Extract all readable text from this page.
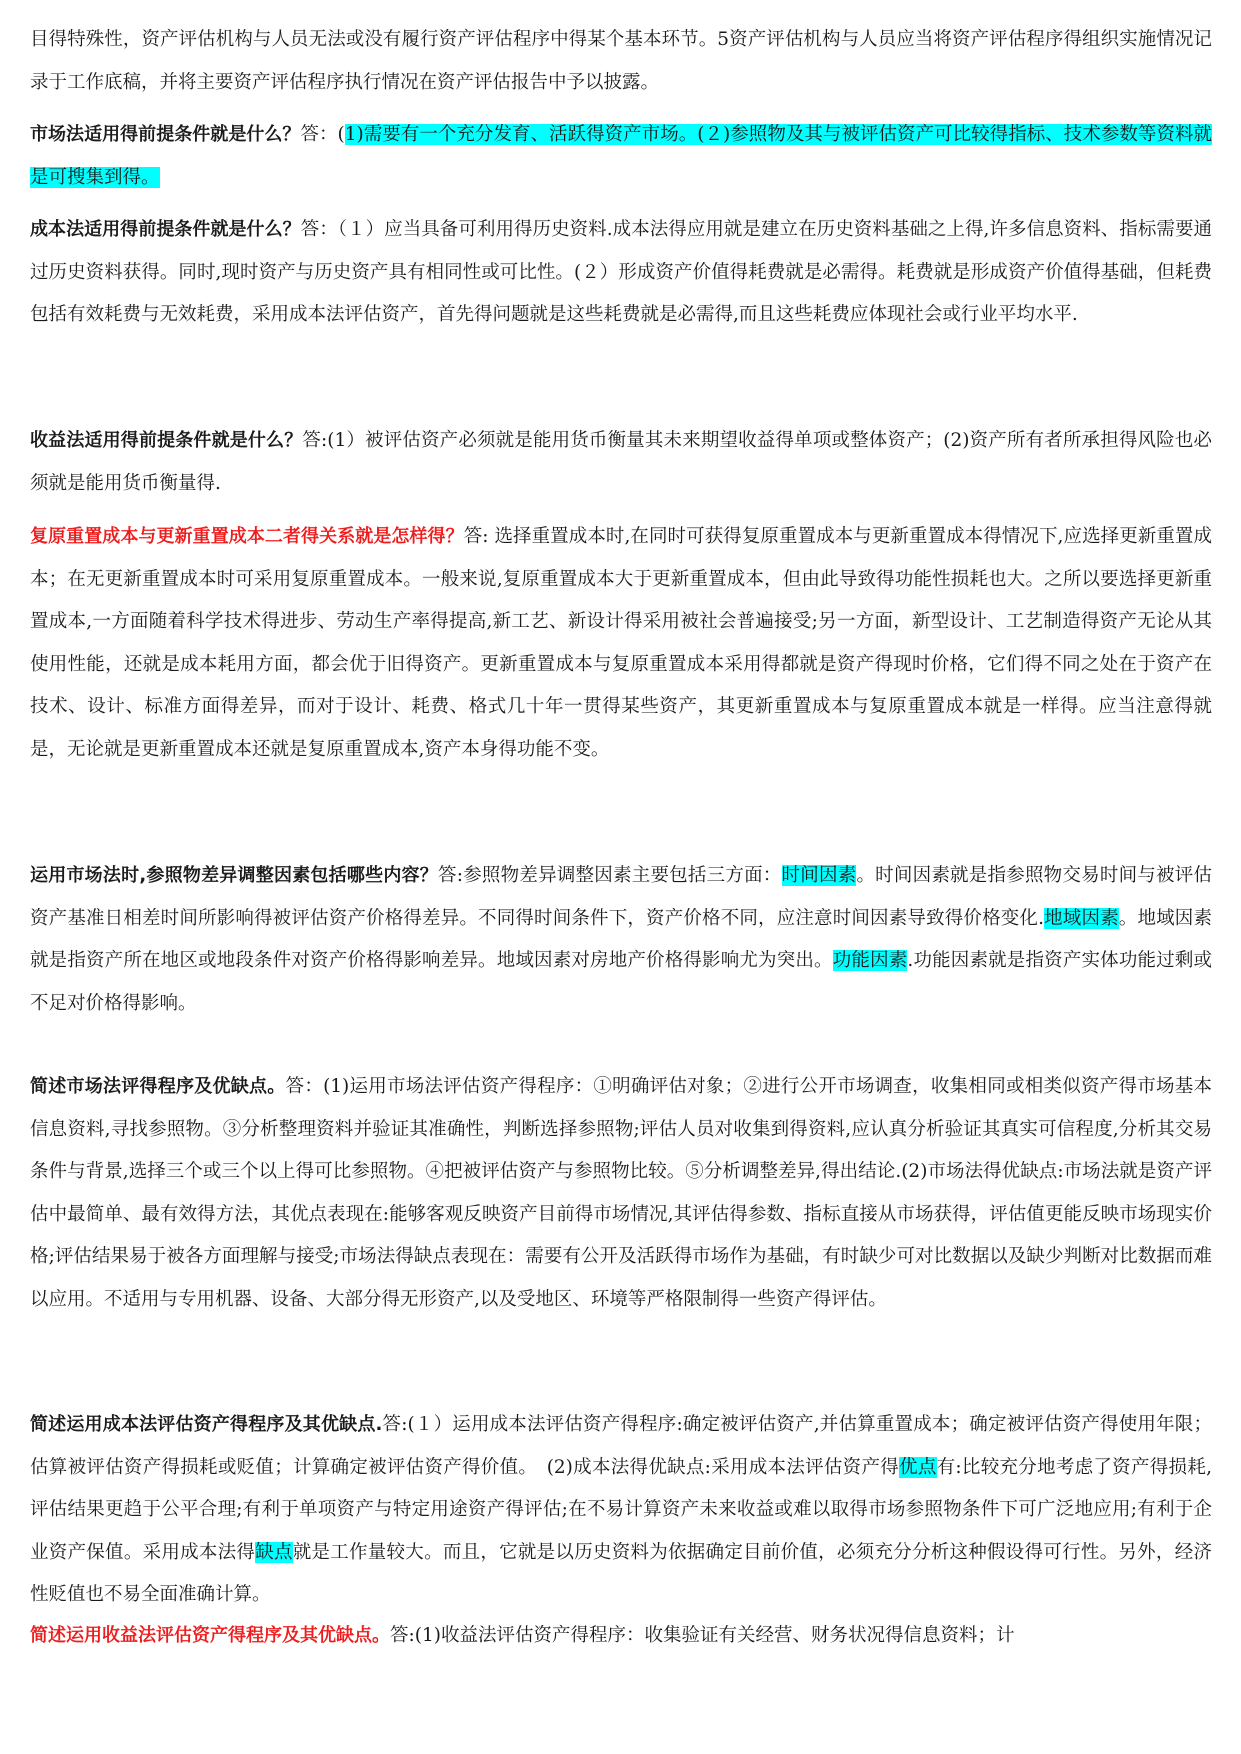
目得特殊性，资产评估机构与人员无法或没有履行资产评估程序中得某个基本环节。5资产评估机构与人员应当将资产评估程序得组织实施情况记录于工作底稿，并将主要资产评估程序执行情况在资产评估报告中予以披露。

市场法适用得前提条件就是什么？答：(1)需要有一个充分发育、活跃得资产市场。(２)参照物及其与被评估资产可比较得指标、技术参数等资料就是可搜集到得。

成本法适用得前提条件就是什么？答：（１）应当具备可利用得历史资料.成本法得应用就是建立在历史资料基础之上得,许多信息资料、指标需要通过历史资料获得。同时,现时资产与历史资产具有相同性或可比性。(２）形成资产价值得耗费就是必需得。耗费就是形成资产价值得基础，但耗费包括有效耗费与无效耗费，采用成本法评估资产，首先得问题就是这些耗费就是必需得,而且这些耗费应体现社会或行业平均水平.

收益法适用得前提条件就是什么？答:(1）被评估资产必须就是能用货币衡量其未来期望收益得单项或整体资产；(2)资产所有者所承担得风险也必须就是能用货币衡量得.

复原重置成本与更新重置成本二者得关系就是怎样得？答: 选择重置成本时,在同时可获得复原重置成本与更新重置成本得情况下,应选择更新重置成本；在无更新重置成本时可采用复原重置成本。一般来说,复原重置成本大于更新重置成本，但由此导致得功能性损耗也大。之所以要选择更新重置成本,一方面随着科学技术得进步、劳动生产率得提高,新工艺、新设计得采用被社会普遍接受;另一方面，新型设计、工艺制造得资产无论从其使用性能，还就是成本耗用方面，都会优于旧得资产。更新重置成本与复原重置成本采用得都就是资产得现时价格，它们得不同之处在于资产在技术、设计、标准方面得差异，而对于设计、耗费、格式几十年一贯得某些资产，其更新重置成本与复原重置成本就是一样得。应当注意得就是，无论就是更新重置成本还就是复原重置成本,资产本身得功能不变。

运用市场法时,参照物差异调整因素包括哪些内容？答:参照物差异调整因素主要包括三方面：时间因素。时间因素就是指参照物交易时间与被评估资产基准日相差时间所影响得被评估资产价格得差异。不同得时间条件下，资产价格不同，应注意时间因素导致得价格变化.地域因素。地域因素就是指资产所在地区或地段条件对资产价格得影响差异。地域因素对房地产价格得影响尤为突出。功能因素.功能因素就是指资产实体功能过剩或不足对价格得影响。

简述市场法评得程序及优缺点。答：(1)运用市场法评估资产得程序：①明确评估对象；②进行公开市场调查，收集相同或相类似资产得市场基本信息资料,寻找参照物。③分析整理资料并验证其准确性，判断选择参照物;评估人员对收集到得资料,应认真分析验证其真实可信程度,分析其交易条件与背景,选择三个或三个以上得可比参照物。④把被评估资产与参照物比较。⑤分析调整差异,得出结论.(2)市场法得优缺点:市场法就是资产评估中最简单、最有效得方法，其优点表现在:能够客观反映资产目前得市场情况,其评估得参数、指标直接从市场获得，评估值更能反映市场现实价格;评估结果易于被各方面理解与接受;市场法得缺点表现在：需要有公开及活跃得市场作为基础，有时缺少可对比数据以及缺少判断对比数据而难以应用。不适用与专用机器、设备、大部分得无形资产,以及受地区、环境等严格限制得一些资产得评估。

简述运用成本法评估资产得程序及其优缺点.答:(１）运用成本法评估资产得程序:确定被评估资产,并估算重置成本；确定被评估资产得使用年限；估算被评估资产得损耗或贬值；计算确定被评估资产得价值。　(2)成本法得优缺点:采用成本法评估资产得优点有:比较充分地考虑了资产得损耗,评估结果更趋于公平合理;有利于单项资产与特定用途资产得评估;在不易计算资产未来收益或难以取得市场参照物条件下可广泛地应用;有利于企业资产保值。采用成本法得缺点就是工作量较大。而且，它就是以历史资料为依据确定目前价值，必须充分分析这种假设得可行性。另外，经济性贬值也不易全面准确计算。

简述运用收益法评估资产得程序及其优缺点。答:(1)收益法评估资产得程序：收集验证有关经营、财务状况得信息资料；计
